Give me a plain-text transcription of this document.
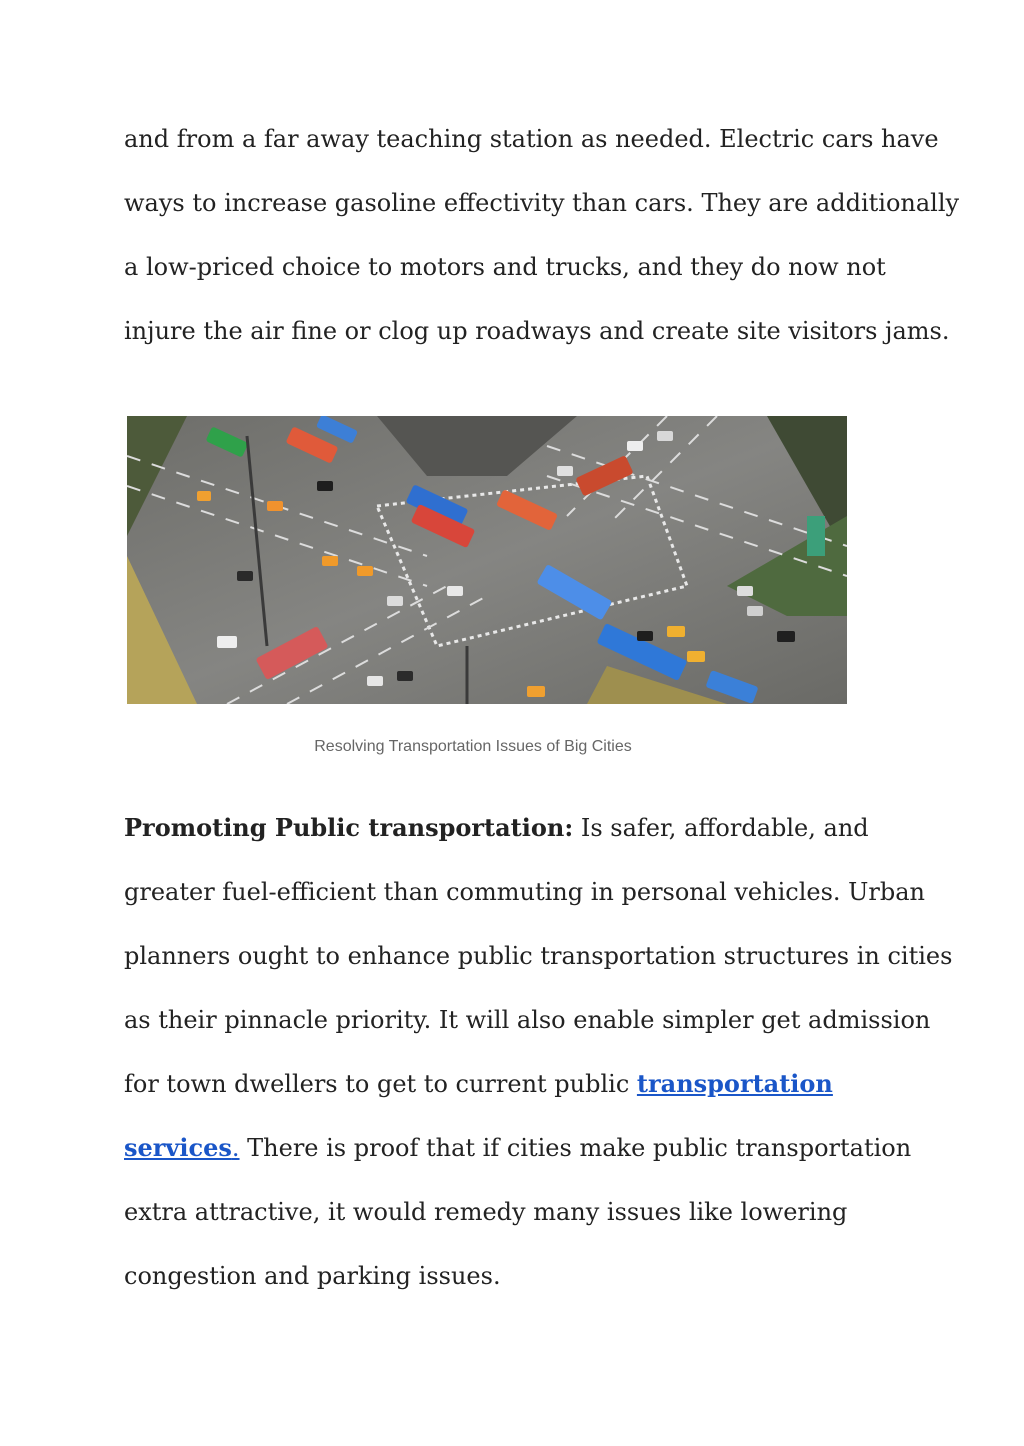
and from a far away teaching station as needed. Electric cars have
ways to increase gasoline effectivity than cars. They are additionally
a low-priced choice to motors and trucks, and they do now not
injure the air fine or clog up roadways and create site visitors jams.
Resolving Transportation Issues of Big Cities
Promoting Public transportation: Is safer, affordable, and
greater fuel-efficient than commuting in personal vehicles. Urban
planners ought to enhance public transportation structures in cities
as their pinnacle priority. It will also enable simpler get admission
for town dwellers to get to current public transportation
services. There is proof that if cities make public transportation
extra attractive, it would remedy many issues like lowering
congestion and parking issues.
